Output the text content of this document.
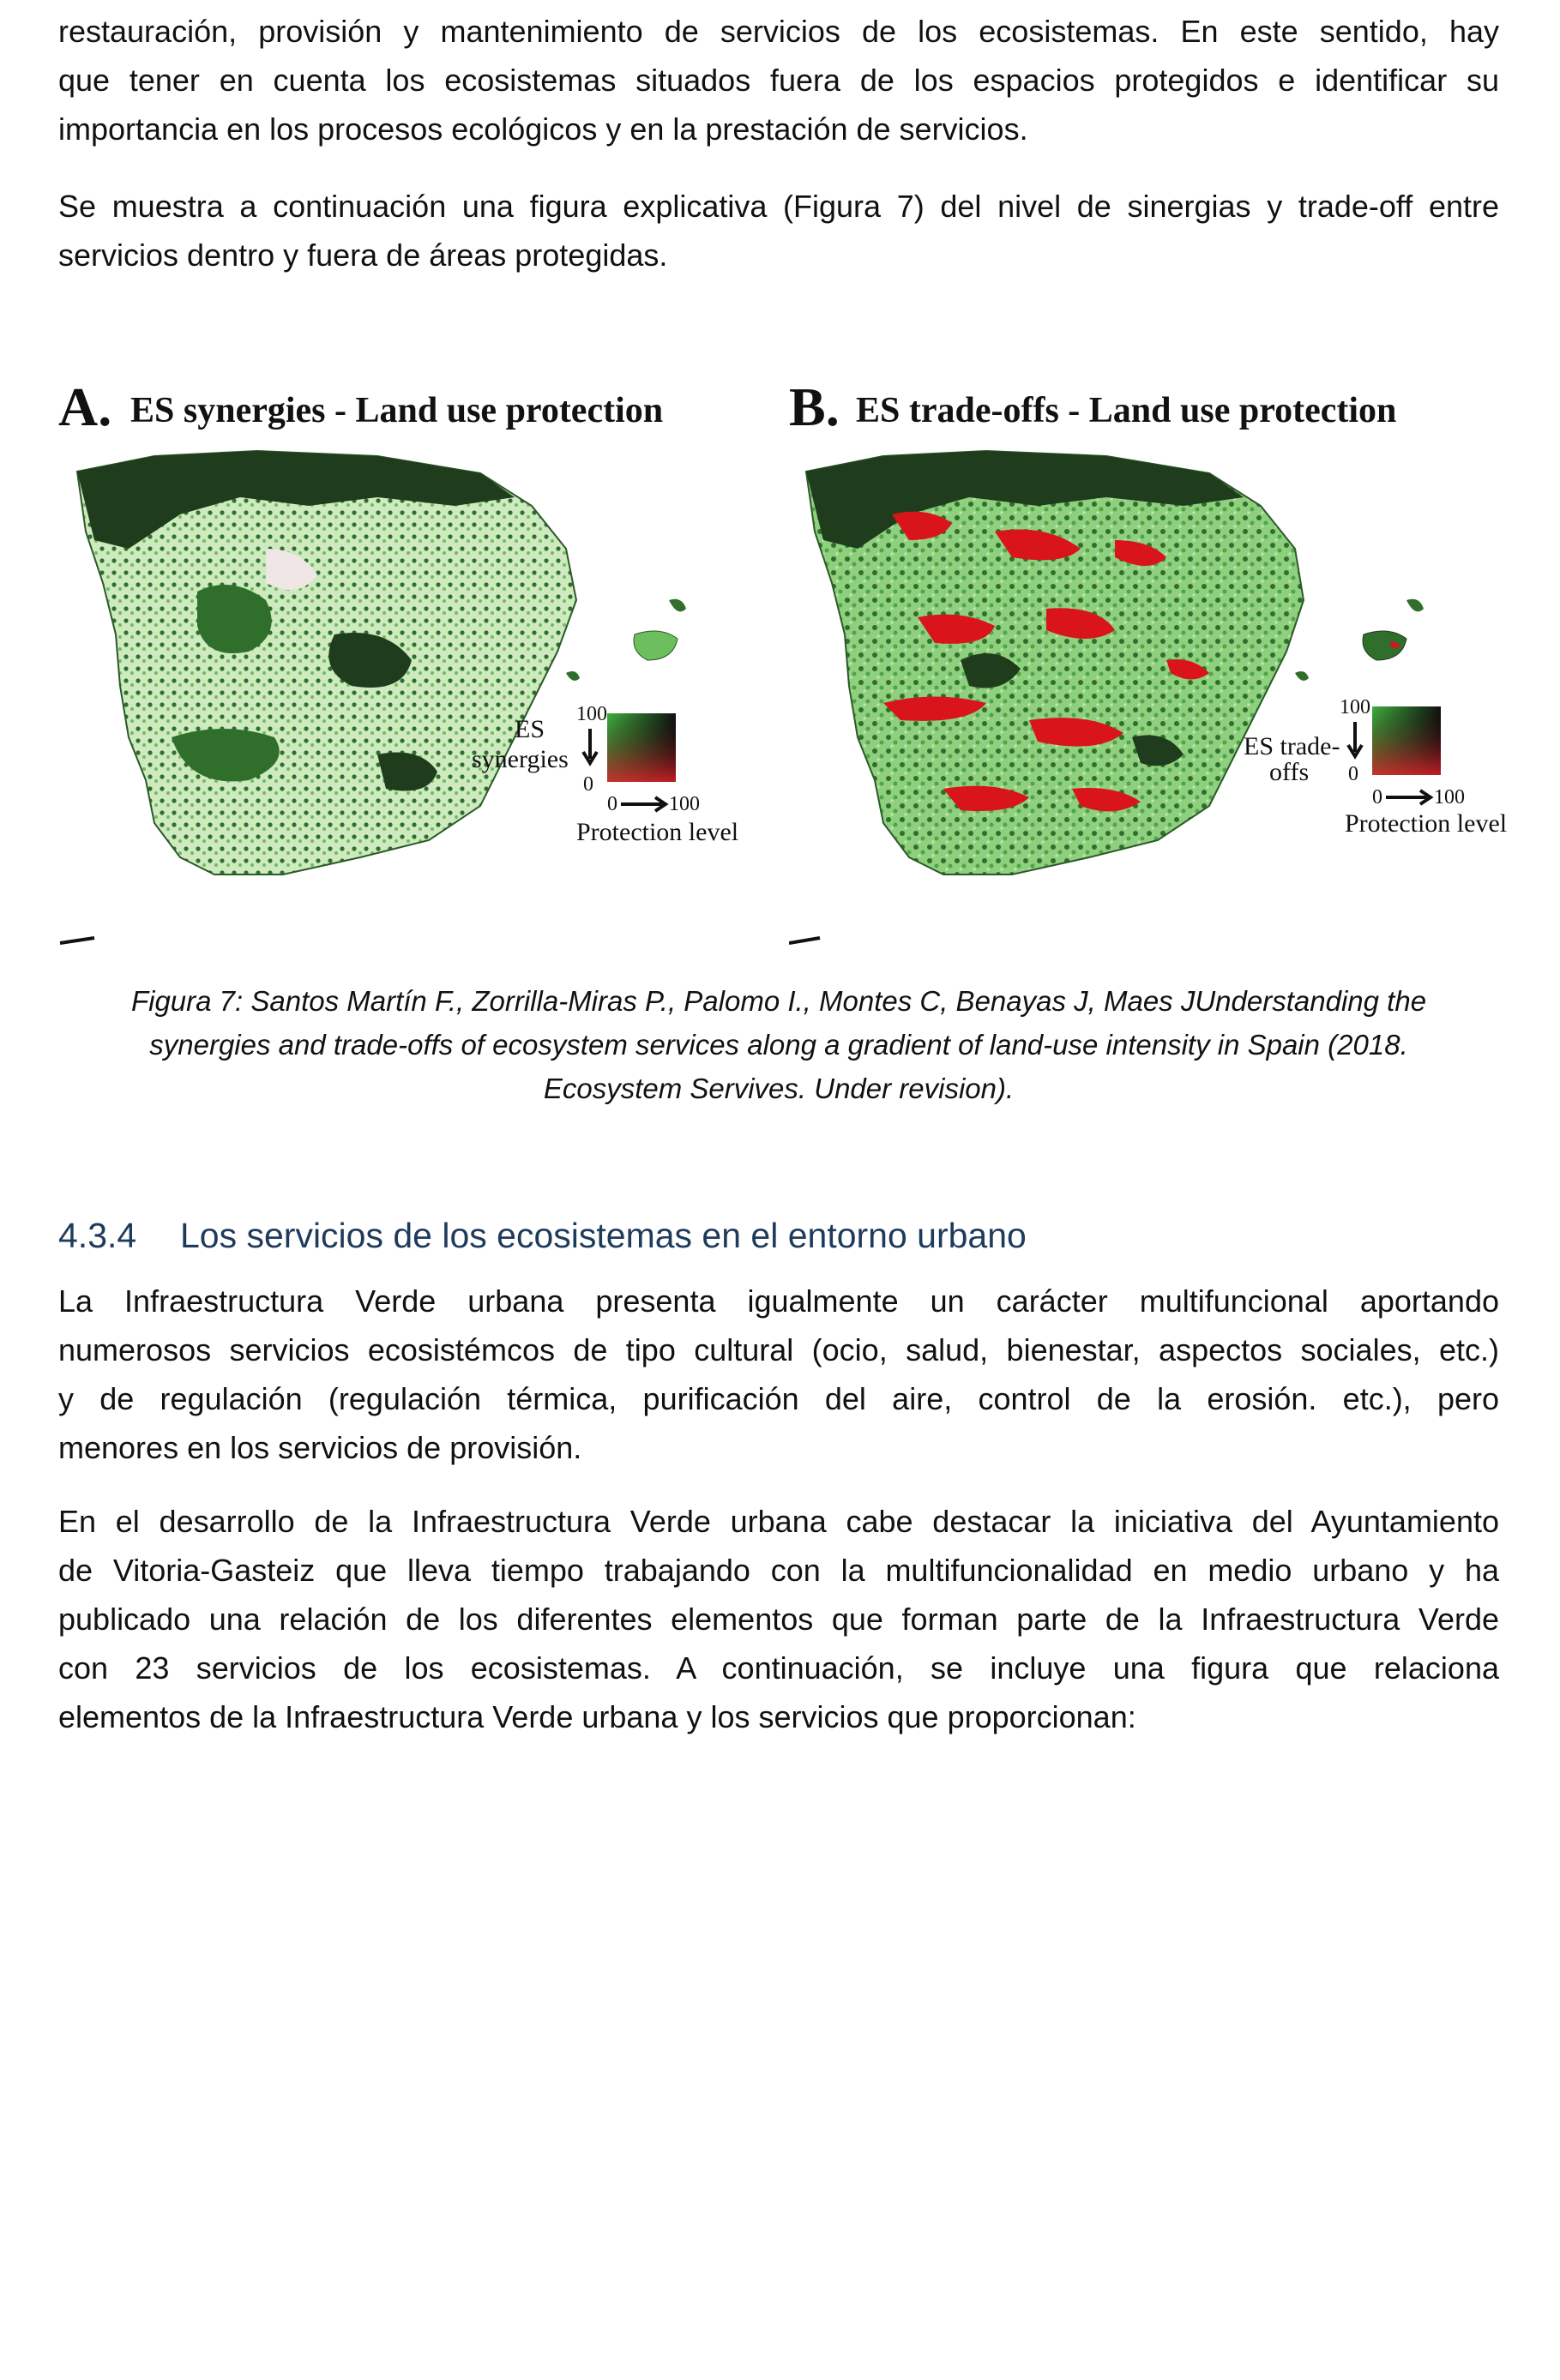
restauración, provisión y mantenimiento de servicios de los ecosistemas. En este sentido, hay
que tener en cuenta los ecosistemas situados fuera de los espacios protegidos e identificar su
importancia en los procesos ecológicos y en la prestación de servicios.

Se muestra a continuación una figura explicativa (Figura 7) del nivel de sinergias y trade-off entre
servicios dentro y fuera de áreas protegidas.

A. ES synergies - Land use protection
ES
synergies
100
0
0	100
Protection level
B. ES trade-offs - Land use protection
ES trade-
offs
100
0
0	100
Protection level

Figura 7: Santos Martín F., Zorrilla-Miras P., Palomo I., Montes C, Benayas J, Maes JUnderstanding the
synergies and trade-offs of ecosystem services along a gradient of land-use intensity in Spain (2018.
Ecosystem Servives. Under revision).

4.3.4 Los servicios de los ecosistemas en el entorno urbano

La Infraestructura Verde urbana presenta igualmente un carácter multifuncional aportando
numerosos servicios ecosistémcos de tipo cultural (ocio, salud, bienestar, aspectos sociales, etc.)
y de regulación (regulación térmica, purificación del aire, control de la erosión. etc.), pero
menores en los servicios de provisión.

En el desarrollo de la Infraestructura Verde urbana cabe destacar la iniciativa del Ayuntamiento
de Vitoria-Gasteiz que lleva tiempo trabajando con la multifuncionalidad en medio urbano y ha
publicado una relación de los diferentes elementos que forman parte de la Infraestructura Verde
con 23 servicios de los ecosistemas. A continuación, se incluye una figura que relaciona
elementos de la Infraestructura Verde urbana y los servicios que proporcionan:
